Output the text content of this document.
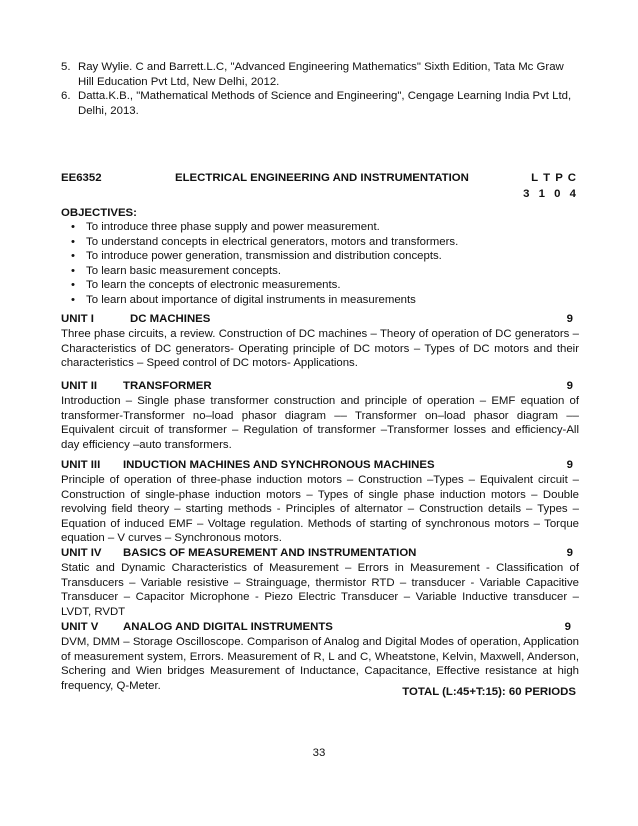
5. Ray Wylie. C and Barrett.L.C, "Advanced Engineering Mathematics" Sixth Edition, Tata Mc Graw Hill Education Pvt Ltd, New Delhi, 2012.
6. Datta.K.B., "Mathematical Methods of Science and Engineering", Cengage Learning India Pvt Ltd, Delhi, 2013.
EE6352	ELECTRICAL ENGINEERING AND INSTRUMENTATION	L T P C
3 1 0 4
OBJECTIVES:
• To introduce three phase supply and power measurement.
• To understand concepts in electrical generators, motors and transformers.
• To introduce power generation, transmission and distribution concepts.
• To learn basic measurement concepts.
• To learn the concepts of electronic measurements.
• To learn about importance of digital instruments in measurements
UNIT I	DC MACHINES	9

Three phase circuits, a review. Construction of DC machines – Theory of operation of DC generators – Characteristics of DC generators- Operating principle of DC motors – Types of DC motors and their characteristics – Speed control of DC motors- Applications.

UNIT II TRANSFORMER	9

Introduction – Single phase transformer construction and principle of operation – EMF equation of transformer-Transformer no–load phasor diagram –– Transformer on–load phasor diagram –– Equivalent circuit of transformer – Regulation of transformer –Transformer losses and efficiency-All day efficiency –auto transformers.

UNIT III INDUCTION MACHINES AND SYNCHRONOUS MACHINES	9

Principle of operation of three-phase induction motors – Construction –Types – Equivalent circuit – Construction of single-phase induction motors – Types of single phase induction motors – Double revolving field theory – starting methods - Principles of alternator – Construction details – Types – Equation of induced EMF – Voltage regulation. Methods of starting of synchronous motors – Torque equation – V curves – Synchronous motors.

UNIT IV BASICS OF MEASUREMENT AND INSTRUMENTATION	9

Static and Dynamic Characteristics of Measurement – Errors in Measurement - Classification of Transducers – Variable resistive – Strainguage, thermistor RTD – transducer - Variable Capacitive Transducer – Capacitor Microphone - Piezo Electric Transducer – Variable Inductive transducer – LVDT, RVDT

UNIT V ANALOG AND DIGITAL INSTRUMENTS	9

DVM, DMM – Storage Oscilloscope. Comparison of Analog and Digital Modes of operation, Application of measurement system, Errors. Measurement of R, L and C, Wheatstone, Kelvin, Maxwell, Anderson, Schering and Wien bridges Measurement of Inductance, Capacitance, Effective resistance at high frequency, Q-Meter.

TOTAL (L:45+T:15): 60 PERIODS
33
